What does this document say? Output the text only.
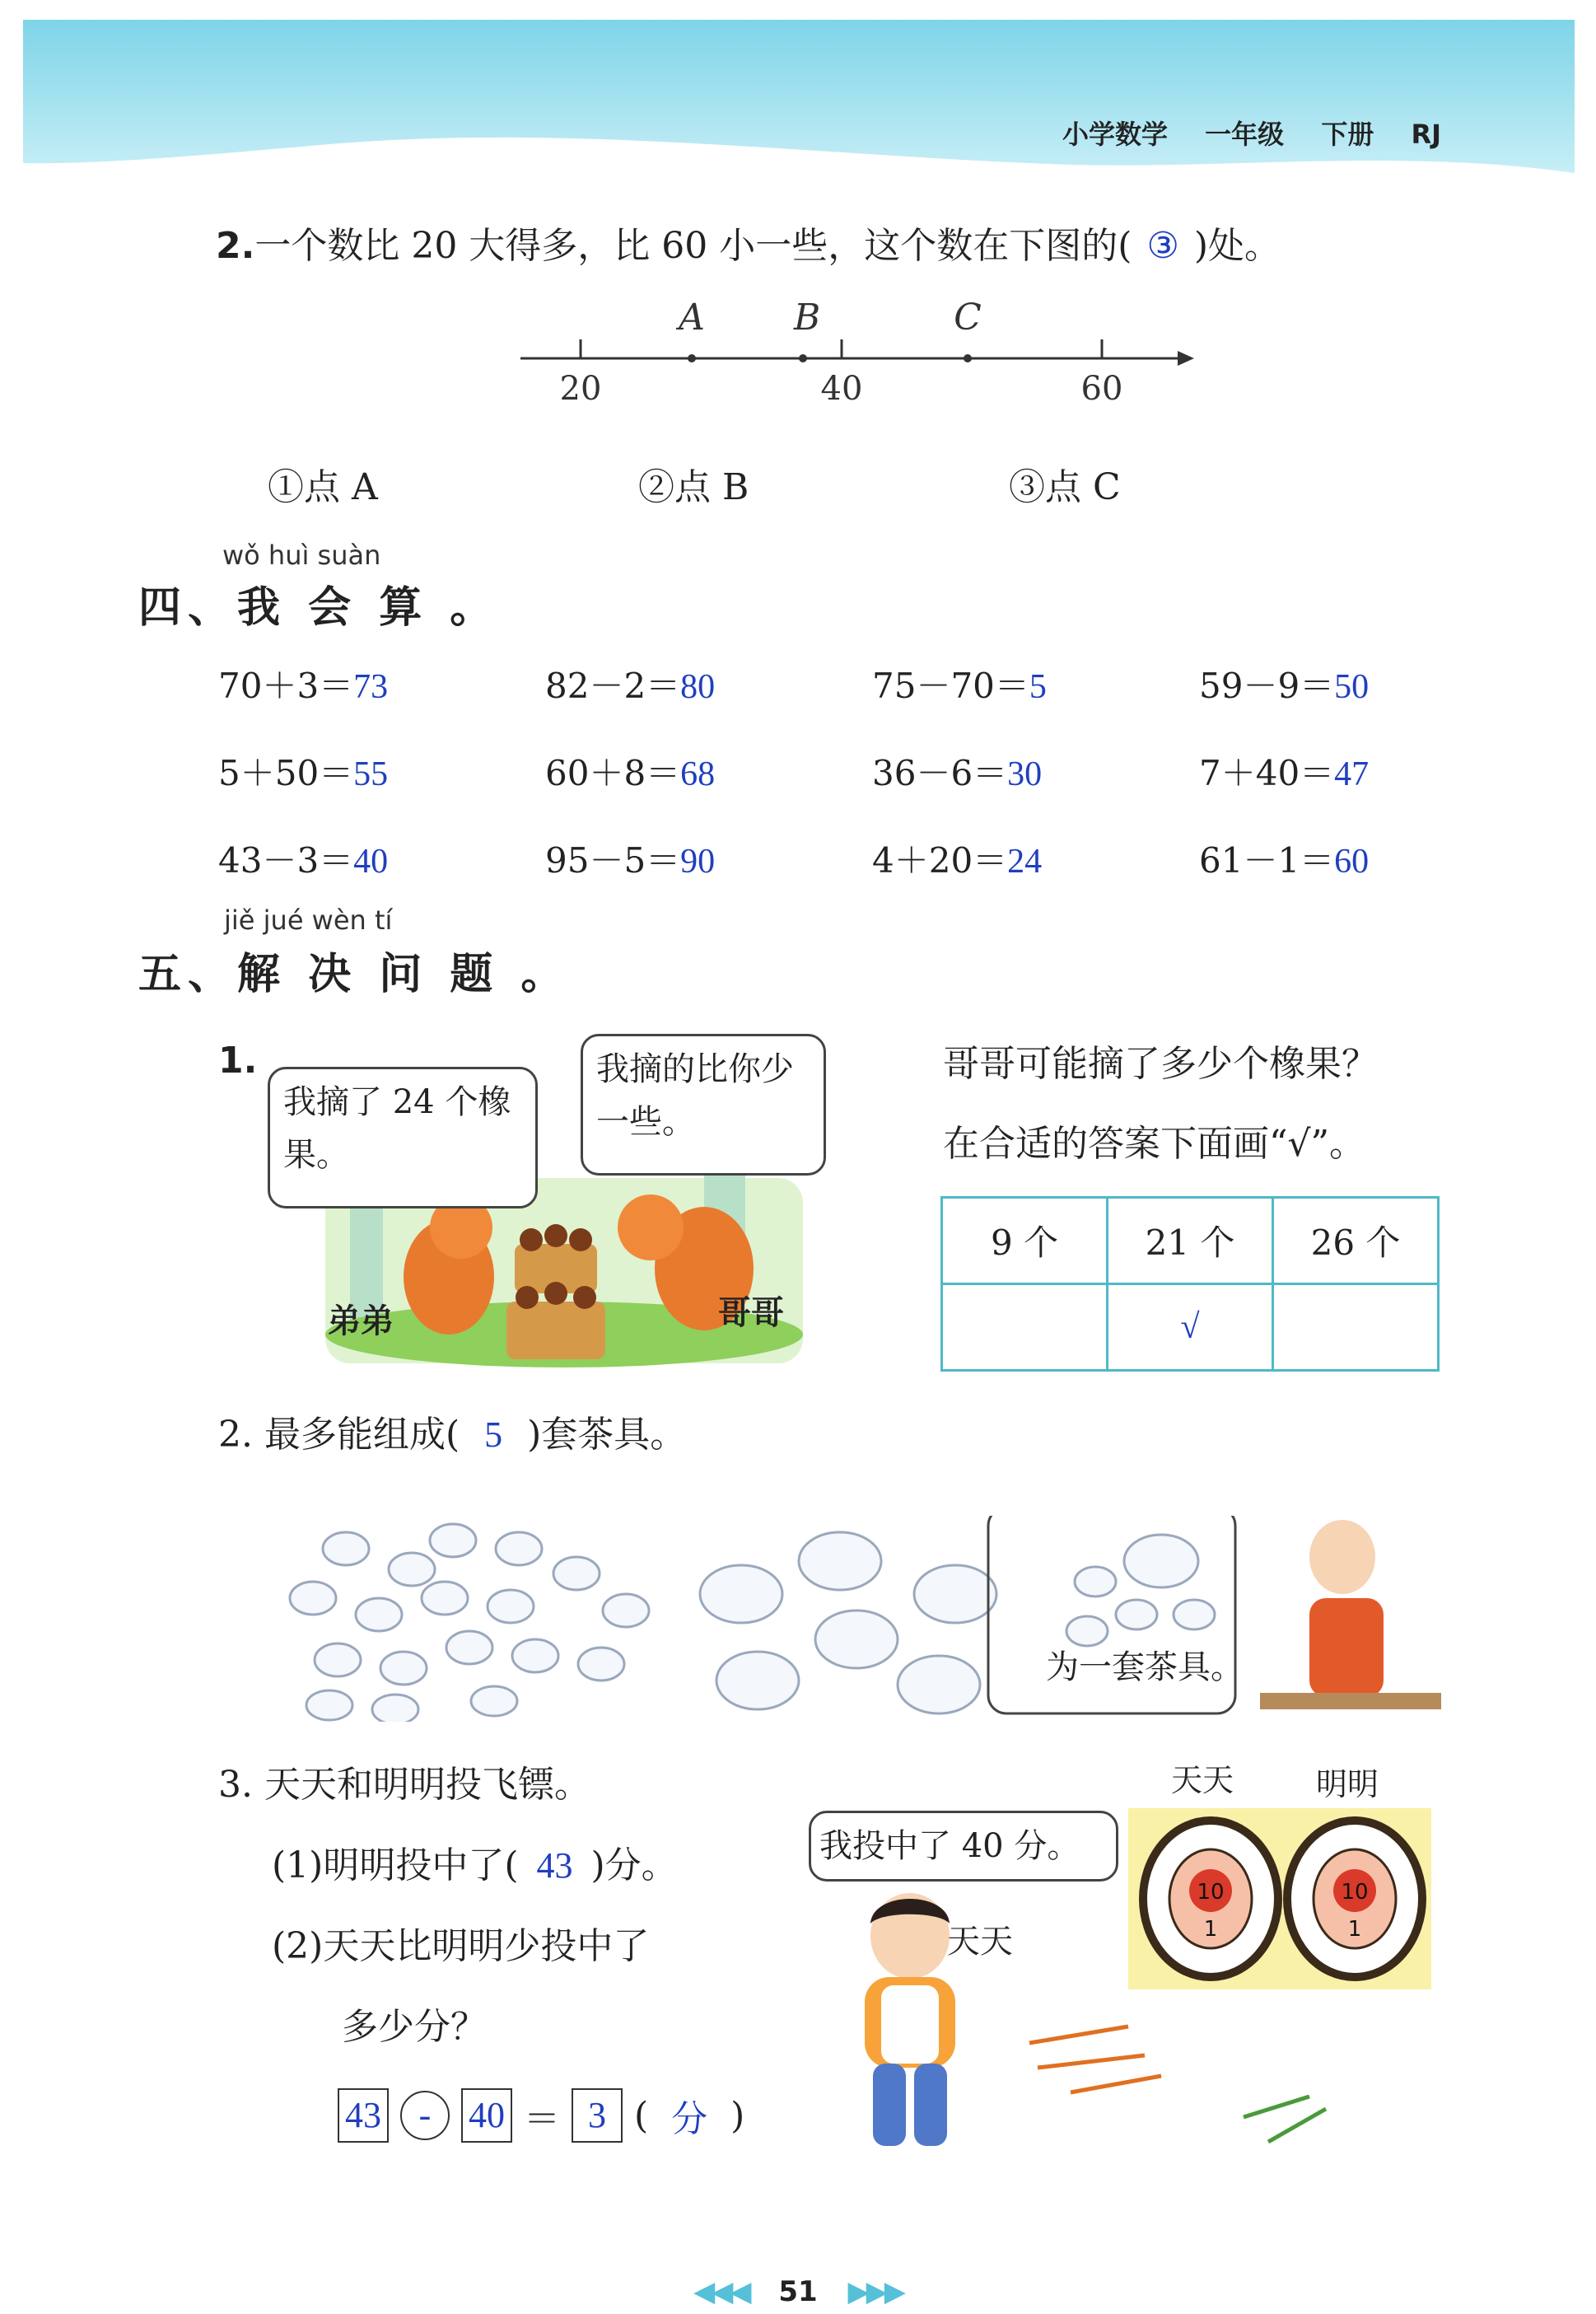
小学数学 一年级 下册 RJ
2.一个数比 20 大得多，比 60 小一些，这个数在下图的( ③ )处。
20	40	60
A B	C
①点 A	②点 B	③点 C
wǒ huì suàn
四、我 会 算 。
70＋3＝73	82－2＝80	75－70＝5	59－9＝50
5＋50＝55	60＋8＝68	36－6＝30	7＋40＝47
43－3＝40	95－5＝90	4＋20＝24	61－1＝60
jiě jué wèn tí
五、解 决 问 题 。
1.
我摘了 24 个橡果。
我摘的比你少一些。
弟弟	哥哥
哥哥可能摘了多少个橡果？
在合适的答案下面画“√”。
9 个	21 个	26 个
	√	
2. 最多能组成( 5 )套茶具。
为一套茶具。
3. 天天和明明投飞镖。
(1)明明投中了( 43 )分。
(2)天天比明明少投中了
多少分？
我投中了 40 分。
天天
天天	明明
10
1
10
1
43	-	40 ＝ 3 ( 分 )
◀◀◀ 51 ▶▶▶
